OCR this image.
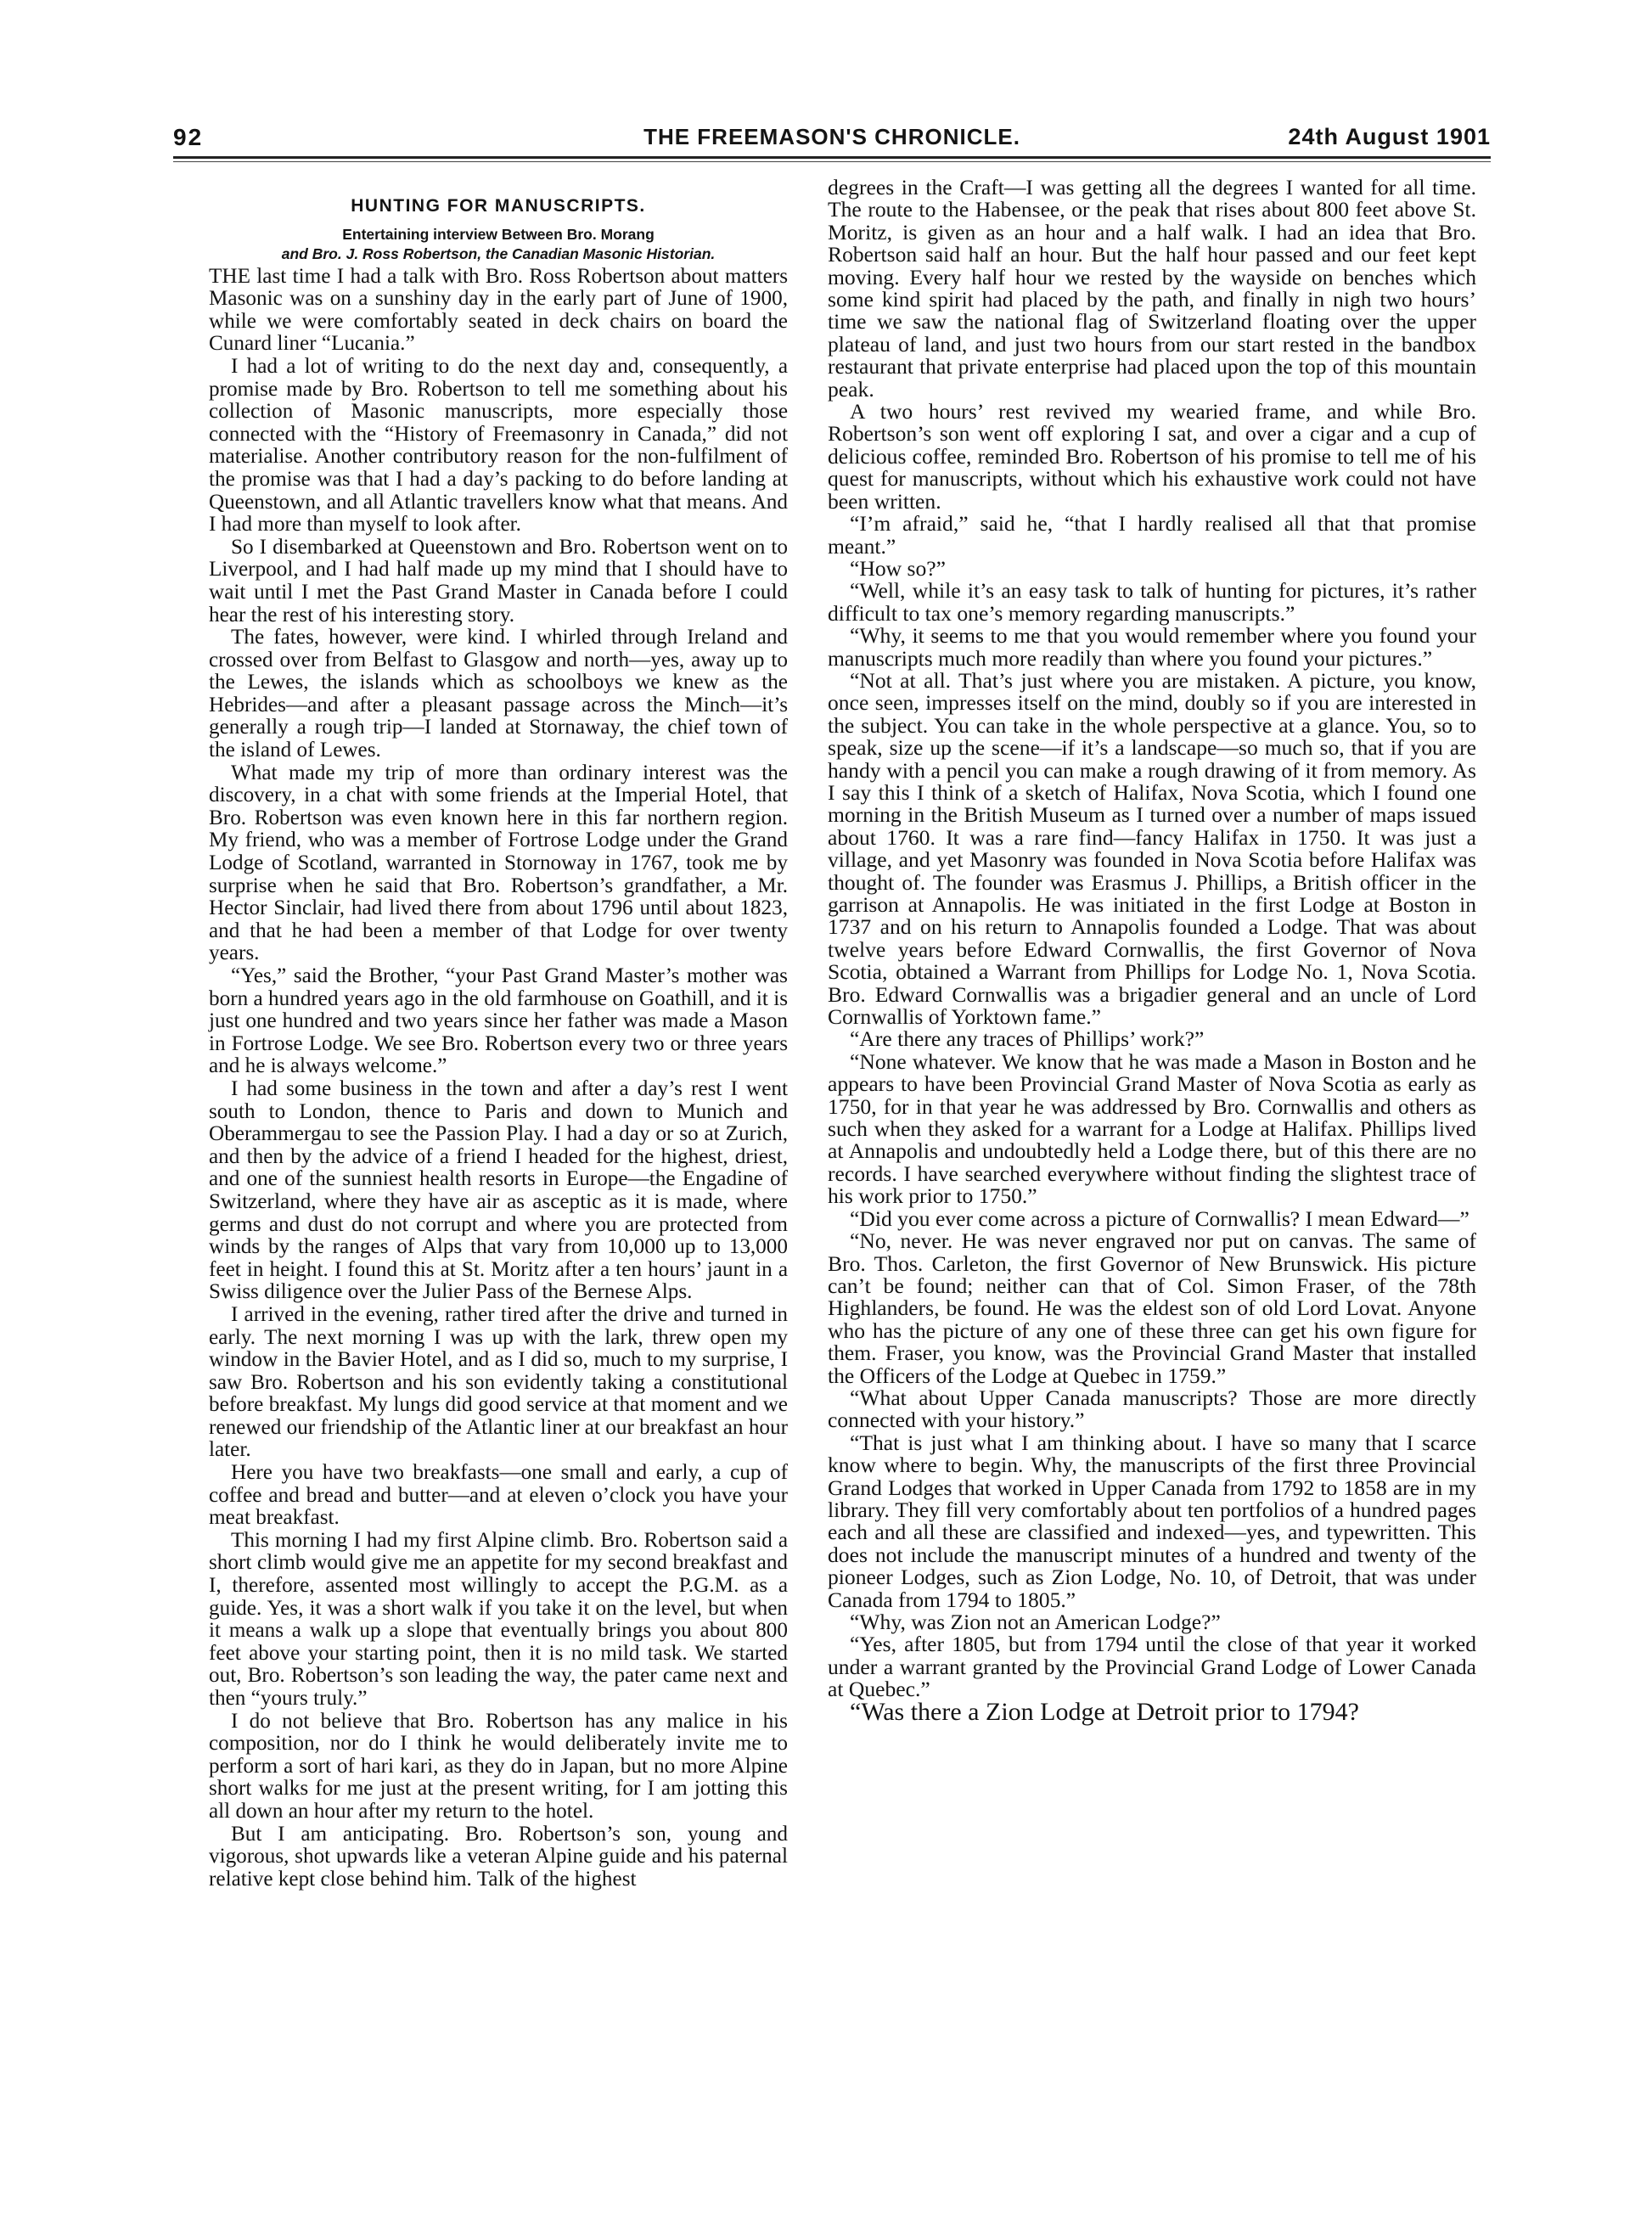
92	THE FREEMASON'S CHRONICLE.	24th August 1901
HUNTING FOR MANUSCRIPTS.
Entertaining interview Between Bro. Morang
and Bro. J. Ross Robertson, the Canadian Masonic Historian.

THE last time I had a talk with Bro. Ross Robertson about matters Masonic was on a sunshiny day in the early part of June of 1900, while we were comfortably seated in deck chairs on board the Cunard liner “Lucania.”

I had a lot of writing to do the next day and, consequently, a promise made by Bro. Robertson to tell me something about his collection of Masonic manuscripts, more especially those connected with the “History of Freemasonry in Canada,” did not materialise. Another contributory reason for the non-fulfilment of the promise was that I had a day’s packing to do before landing at Queenstown, and all Atlantic travellers know what that means. And I had more than myself to look after.

So I disembarked at Queenstown and Bro. Robertson went on to Liverpool, and I had half made up my mind that I should have to wait until I met the Past Grand Master in Canada before I could hear the rest of his interesting story.

The fates, however, were kind. I whirled through Ireland and crossed over from Belfast to Glasgow and north—yes, away up to the Lewes, the islands which as schoolboys we knew as the Hebrides—and after a pleasant passage across the Minch—it’s generally a rough trip—I landed at Stornaway, the chief town of the island of Lewes.

What made my trip of more than ordinary interest was the discovery, in a chat with some friends at the Imperial Hotel, that Bro. Robertson was even known here in this far northern region. My friend, who was a member of Fortrose Lodge under the Grand Lodge of Scotland, warranted in Stornoway in 1767, took me by surprise when he said that Bro. Robertson’s grandfather, a Mr. Hector Sinclair, had lived there from about 1796 until about 1823, and that he had been a member of that Lodge for over twenty years.

“Yes,” said the Brother, “your Past Grand Master’s mother was born a hundred years ago in the old farmhouse on Goathill, and it is just one hundred and two years since her father was made a Mason in Fortrose Lodge. We see Bro. Robertson every two or three years and he is always welcome.”

I had some business in the town and after a day’s rest I went south to London, thence to Paris and down to Munich and Oberammergau to see the Passion Play. I had a day or so at Zurich, and then by the advice of a friend I headed for the highest, driest, and one of the sunniest health resorts in Europe—the Engadine of Switzerland, where they have air as asceptic as it is made, where germs and dust do not corrupt and where you are protected from winds by the ranges of Alps that vary from 10,000 up to 13,000 feet in height. I found this at St. Moritz after a ten hours’ jaunt in a Swiss diligence over the Julier Pass of the Bernese Alps.

I arrived in the evening, rather tired after the drive and turned in early. The next morning I was up with the lark, threw open my window in the Bavier Hotel, and as I did so, much to my surprise, I saw Bro. Robertson and his son evidently taking a constitutional before breakfast. My lungs did good service at that moment and we renewed our friendship of the Atlantic liner at our breakfast an hour later.

Here you have two breakfasts—one small and early, a cup of coffee and bread and butter—and at eleven o’clock you have your meat breakfast.

This morning I had my first Alpine climb. Bro. Robertson said a short climb would give me an appetite for my second breakfast and I, therefore, assented most willingly to accept the P.G.M. as a guide. Yes, it was a short walk if you take it on the level, but when it means a walk up a slope that eventually brings you about 800 feet above your starting point, then it is no mild task. We started out, Bro. Robertson’s son leading the way, the pater came next and then “yours truly.”

I do not believe that Bro. Robertson has any malice in his composition, nor do I think he would deliberately invite me to perform a sort of hari kari, as they do in Japan, but no more Alpine short walks for me just at the present writing, for I am jotting this all down an hour after my return to the hotel.

But I am anticipating. Bro. Robertson’s son, young and vigorous, shot upwards like a veteran Alpine guide and his paternal relative kept close behind him. Talk of the highest

degrees in the Craft—I was getting all the degrees I wanted for all time. The route to the Habensee, or the peak that rises about 800 feet above St. Moritz, is given as an hour and a half walk. I had an idea that Bro. Robertson said half an hour. But the half hour passed and our feet kept moving. Every half hour we rested by the wayside on benches which some kind spirit had placed by the path, and finally in nigh two hours’ time we saw the national flag of Switzerland floating over the upper plateau of land, and just two hours from our start rested in the bandbox restaurant that private enterprise had placed upon the top of this mountain peak.

A two hours’ rest revived my wearied frame, and while Bro. Robertson’s son went off exploring I sat, and over a cigar and a cup of delicious coffee, reminded Bro. Robertson of his promise to tell me of his quest for manuscripts, without which his exhaustive work could not have been written.

“I’m afraid,” said he, “that I hardly realised all that that promise meant.”

“How so?”

“Well, while it’s an easy task to talk of hunting for pictures, it’s rather difficult to tax one’s memory regarding manuscripts.”

“Why, it seems to me that you would remember where you found your manuscripts much more readily than where you found your pictures.”

“Not at all. That’s just where you are mistaken. A picture, you know, once seen, impresses itself on the mind, doubly so if you are interested in the subject. You can take in the whole perspective at a glance. You, so to speak, size up the scene—if it’s a landscape—so much so, that if you are handy with a pencil you can make a rough drawing of it from memory. As I say this I think of a sketch of Halifax, Nova Scotia, which I found one morning in the British Museum as I turned over a number of maps issued about 1760. It was a rare find—fancy Halifax in 1750. It was just a village, and yet Masonry was founded in Nova Scotia before Halifax was thought of. The founder was Erasmus J. Phillips, a British officer in the garrison at Annapolis. He was initiated in the first Lodge at Boston in 1737 and on his return to Annapolis founded a Lodge. That was about twelve years before Edward Cornwallis, the first Governor of Nova Scotia, obtained a Warrant from Phillips for Lodge No. 1, Nova Scotia. Bro. Edward Cornwallis was a brigadier general and an uncle of Lord Cornwallis of Yorktown fame.”

“Are there any traces of Phillips’ work?”

“None whatever. We know that he was made a Mason in Boston and he appears to have been Provincial Grand Master of Nova Scotia as early as 1750, for in that year he was addressed by Bro. Cornwallis and others as such when they asked for a warrant for a Lodge at Halifax. Phillips lived at Annapolis and undoubtedly held a Lodge there, but of this there are no records. I have searched everywhere without finding the slightest trace of his work prior to 1750.”

“Did you ever come across a picture of Cornwallis? I mean Edward—”

“No, never. He was never engraved nor put on canvas. The same of Bro. Thos. Carleton, the first Governor of New Brunswick. His picture can’t be found; neither can that of Col. Simon Fraser, of the 78th Highlanders, be found. He was the eldest son of old Lord Lovat. Anyone who has the picture of any one of these three can get his own figure for them. Fraser, you know, was the Provincial Grand Master that installed the Officers of the Lodge at Quebec in 1759.”

“What about Upper Canada manuscripts? Those are more directly connected with your history.”

“That is just what I am thinking about. I have so many that I scarce know where to begin. Why, the manuscripts of the first three Provincial Grand Lodges that worked in Upper Canada from 1792 to 1858 are in my library. They fill very comfortably about ten portfolios of a hundred pages each and all these are classified and indexed—yes, and typewritten. This does not include the manuscript minutes of a hundred and twenty of the pioneer Lodges, such as Zion Lodge, No. 10, of Detroit, that was under Canada from 1794 to 1805.”

“Why, was Zion not an American Lodge?”

“Yes, after 1805, but from 1794 until the close of that year it worked under a warrant granted by the Provincial Grand Lodge of Lower Canada at Quebec.”

“Was there a Zion Lodge at Detroit prior to 1794?
